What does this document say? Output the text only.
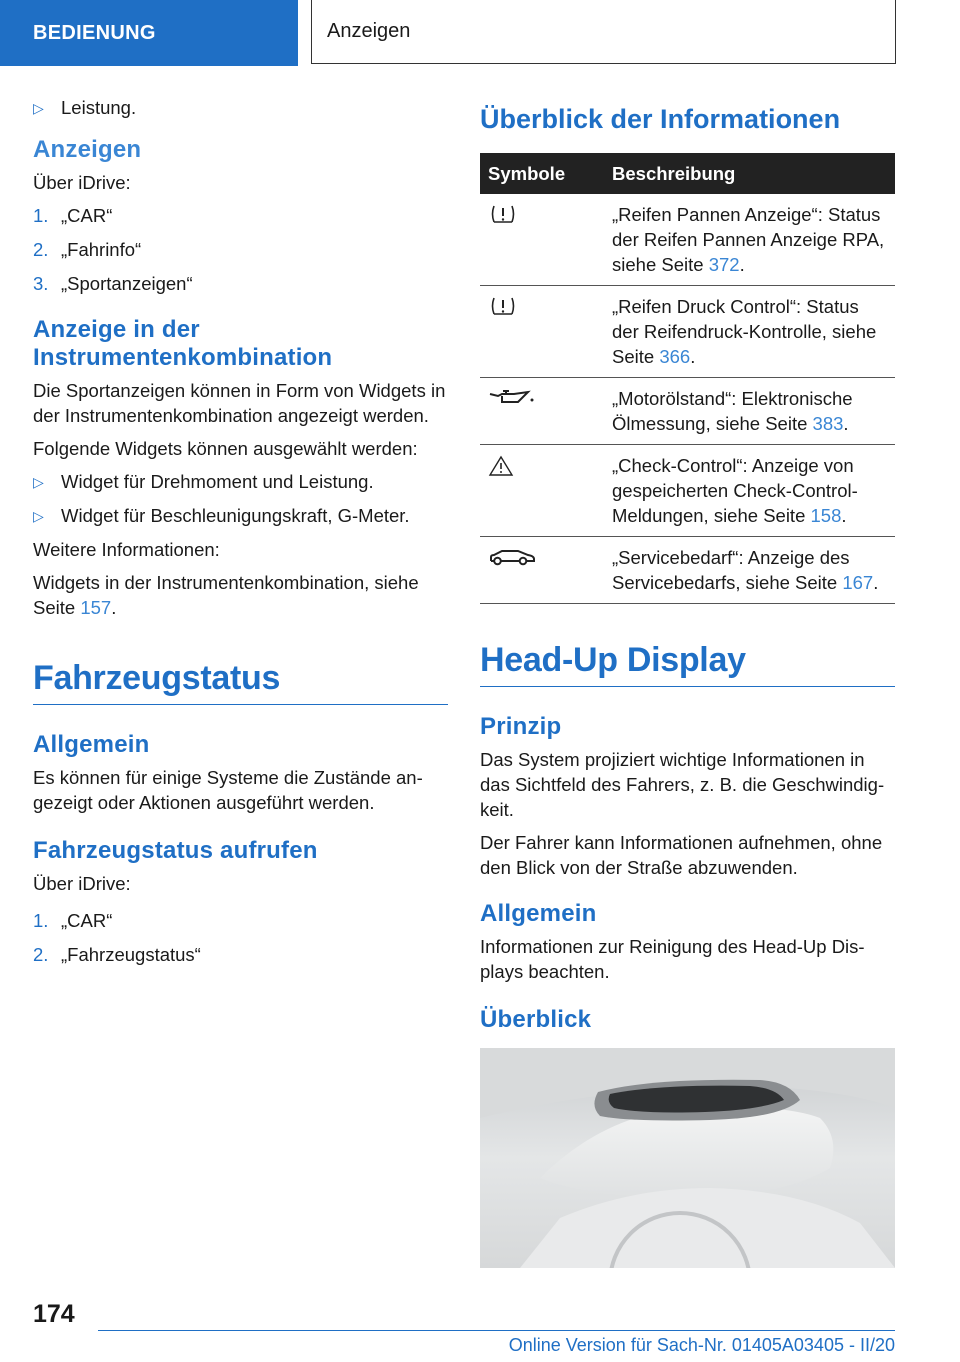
BEDIENUNG	Anzeigen
▷ Leistung.
Anzeigen

Über iDrive:

1. „CAR“
2. „Fahrinfo“
3. „Sportanzeigen“
Anzeige in der
Instrumentenkombination

Die Sportanzeigen können in Form von Widgets in der Instrumentenkombination angezeigt werden.

Folgende Widgets können ausgewählt werden:

▷ Widget für Drehmoment und Leistung.
▷ Widget für Beschleunigungskraft, G-Meter.

Weitere Informationen:

Widgets in der Instrumentenkombination, siehe Seite 157.

Fahrzeugstatus
Allgemein

Es können für einige Systeme die Zustände angezeigt oder Aktionen ausgeführt werden.

Fahrzeugstatus aufrufen

Über iDrive:

1. „CAR“
2. „Fahrzeugstatus“
Überblick der Informationen
Symbole	Beschreibung
	„Reifen Pannen Anzeige“: Status der Reifen Pannen Anzeige RPA, siehe Seite 372.
	„Reifen Druck Control“: Status der Reifendruck-Kontrolle, siehe Seite 366.
	„Motorölstand“: Elektronische Ölmessung, siehe Seite 383.
	„Check-Control“: Anzeige von gespeicherten Check-Control-Meldungen, siehe Seite 158.
	„Servicebedarf“: Anzeige des Servicebedarfs, siehe Seite 167.
Head-Up Display
Prinzip

Das System projiziert wichtige Informationen in das Sichtfeld des Fahrers, z. B. die Geschwindigkeit.

Der Fahrer kann Informationen aufnehmen, ohne den Blick von der Straße abzuwenden.

Allgemein

Informationen zur Reinigung des Head-Up Displays beachten.

Überblick
174
Online Version für Sach-Nr. 01405A03405 - II/20
